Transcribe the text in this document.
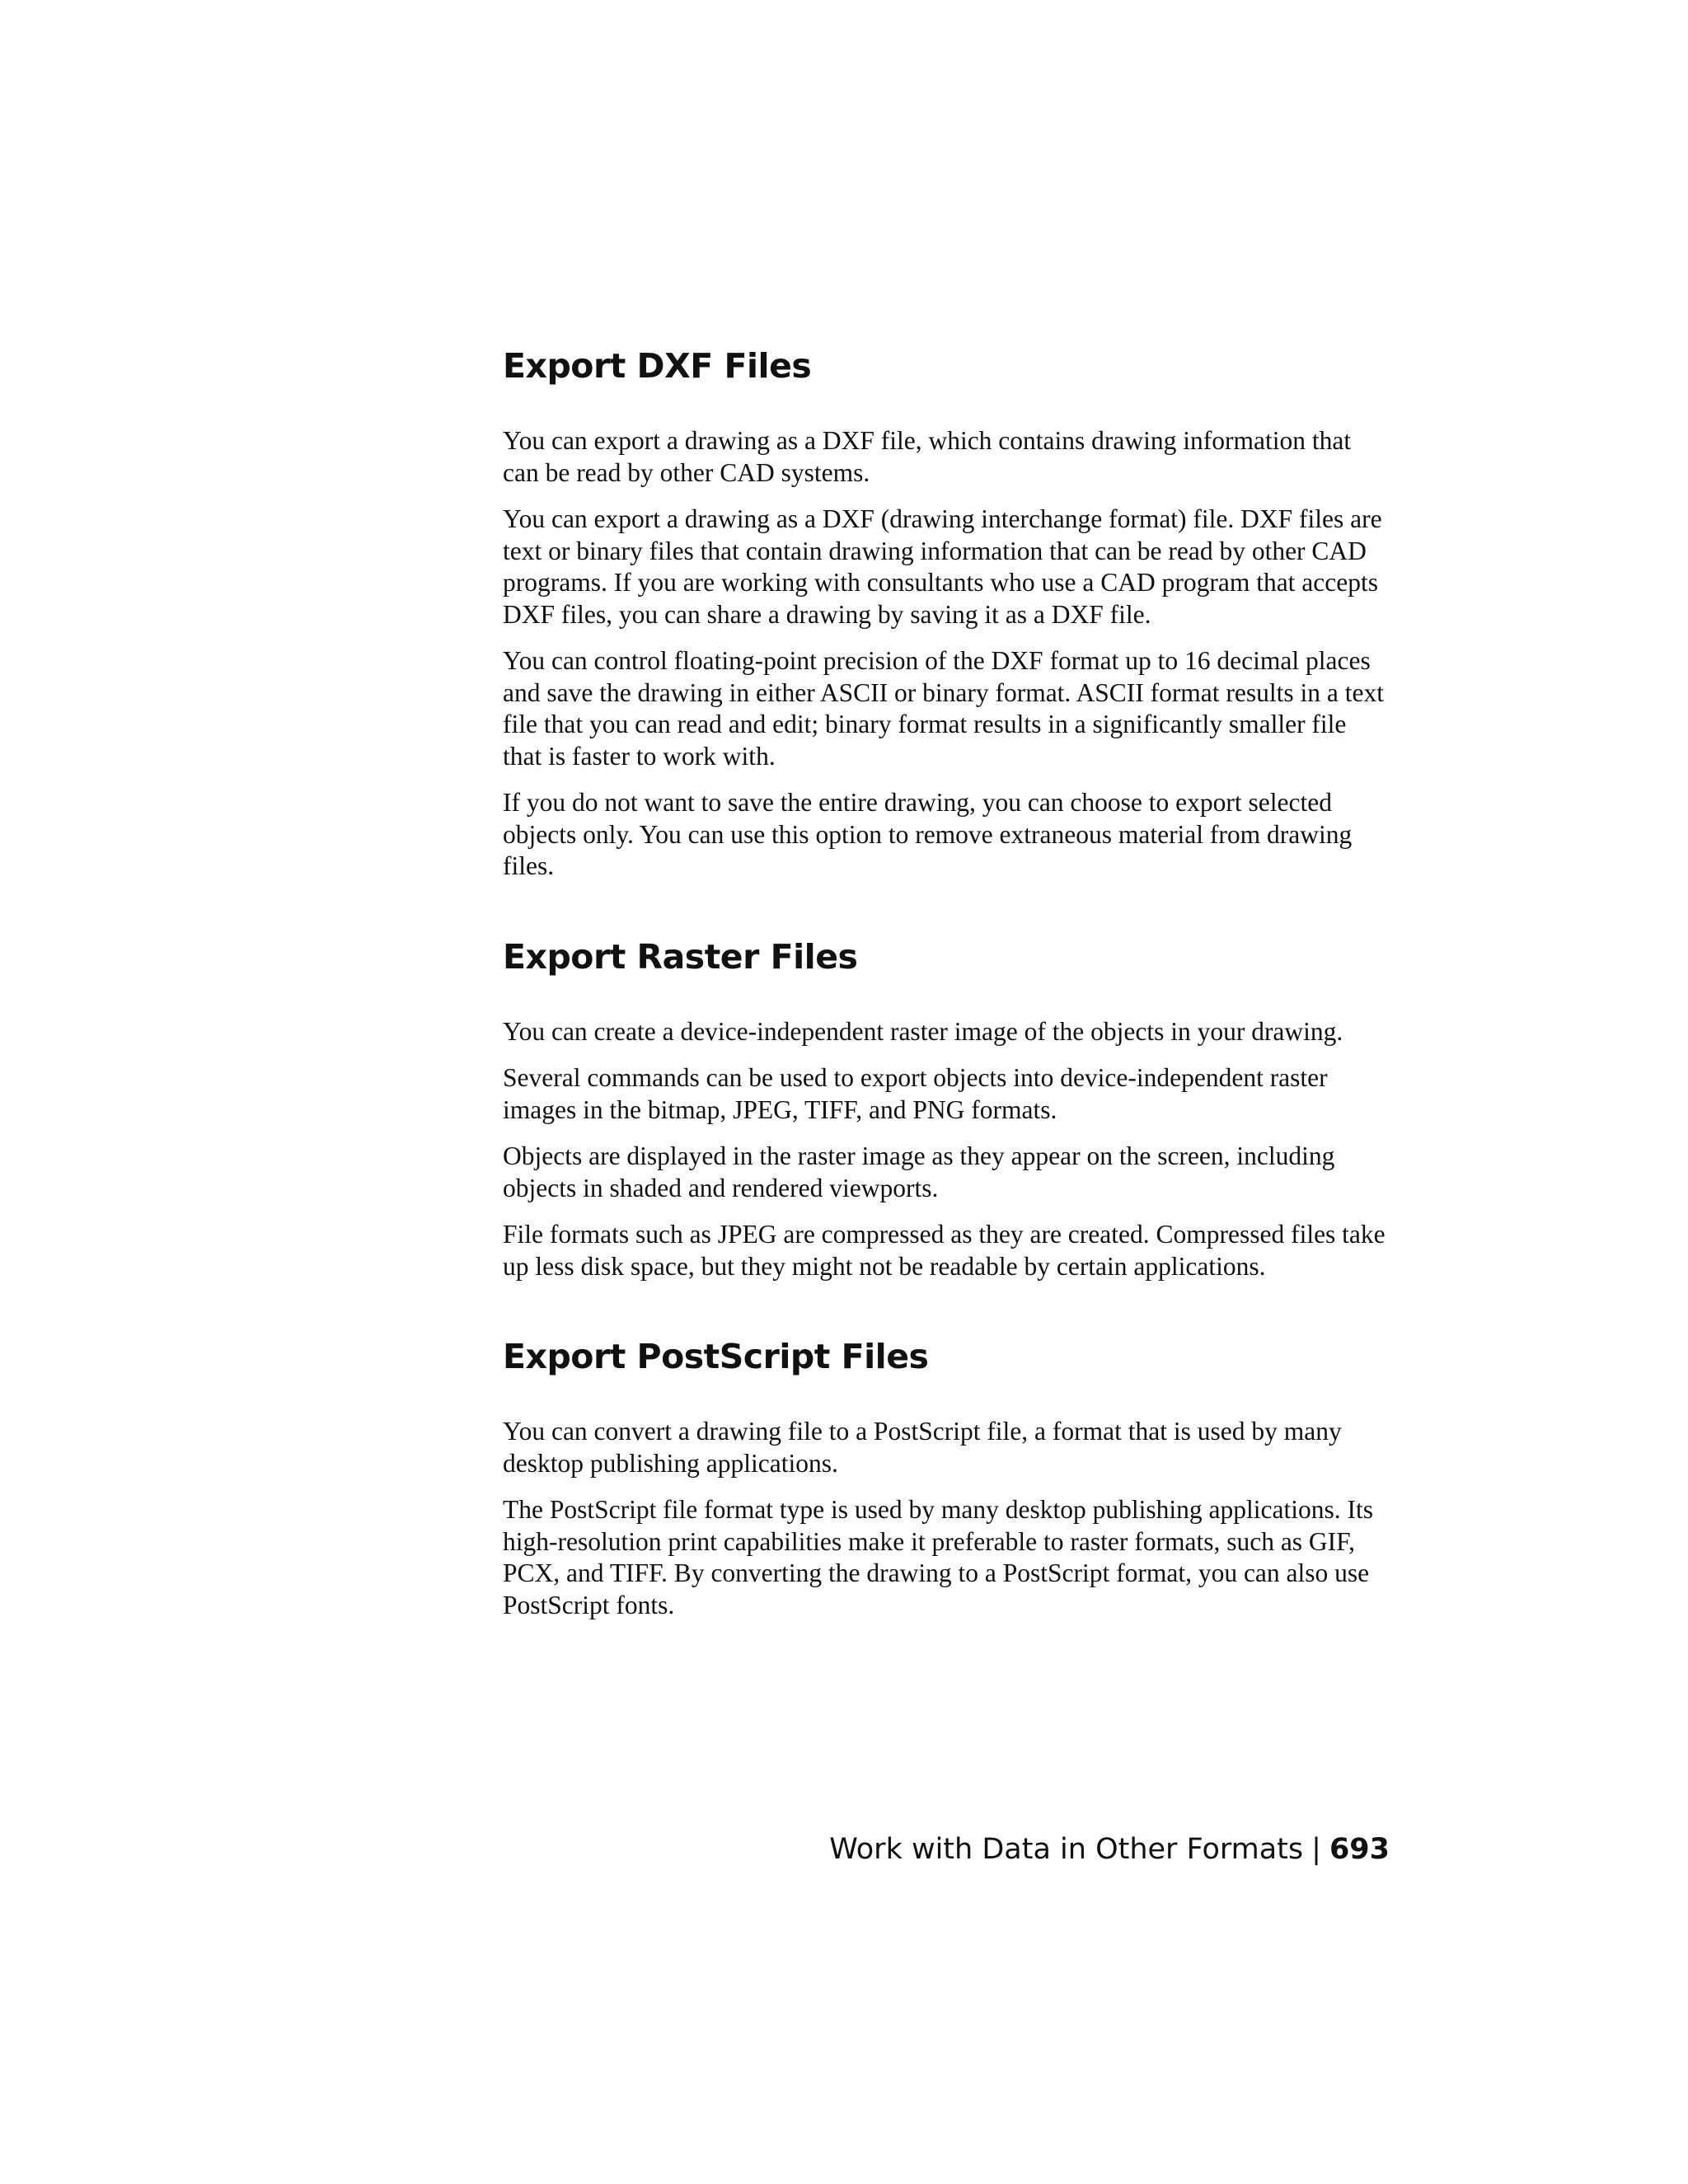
Export DXF Files

You can export a drawing as a DXF file, which contains drawing information that can be read by other CAD systems.

You can export a drawing as a DXF (drawing interchange format) file. DXF files are text or binary files that contain drawing information that can be read by other CAD programs. If you are working with consultants who use a CAD program that accepts DXF files, you can share a drawing by saving it as a DXF file.

You can control floating-point precision of the DXF format up to 16 decimal places and save the drawing in either ASCII or binary format. ASCII format results in a text file that you can read and edit; binary format results in a significantly smaller file that is faster to work with.

If you do not want to save the entire drawing, you can choose to export selected objects only. You can use this option to remove extraneous material from drawing files.

Export Raster Files

You can create a device-independent raster image of the objects in your drawing.

Several commands can be used to export objects into device-independent raster images in the bitmap, JPEG, TIFF, and PNG formats.

Objects are displayed in the raster image as they appear on the screen, including objects in shaded and rendered viewports.

File formats such as JPEG are compressed as they are created. Compressed files take up less disk space, but they might not be readable by certain applications.

Export PostScript Files

You can convert a drawing file to a PostScript file, a format that is used by many desktop publishing applications.

The PostScript file format type is used by many desktop publishing applications. Its high-resolution print capabilities make it preferable to raster formats, such as GIF, PCX, and TIFF. By converting the drawing to a PostScript format, you can also use PostScript fonts.

Work with Data in Other Formats | 693
